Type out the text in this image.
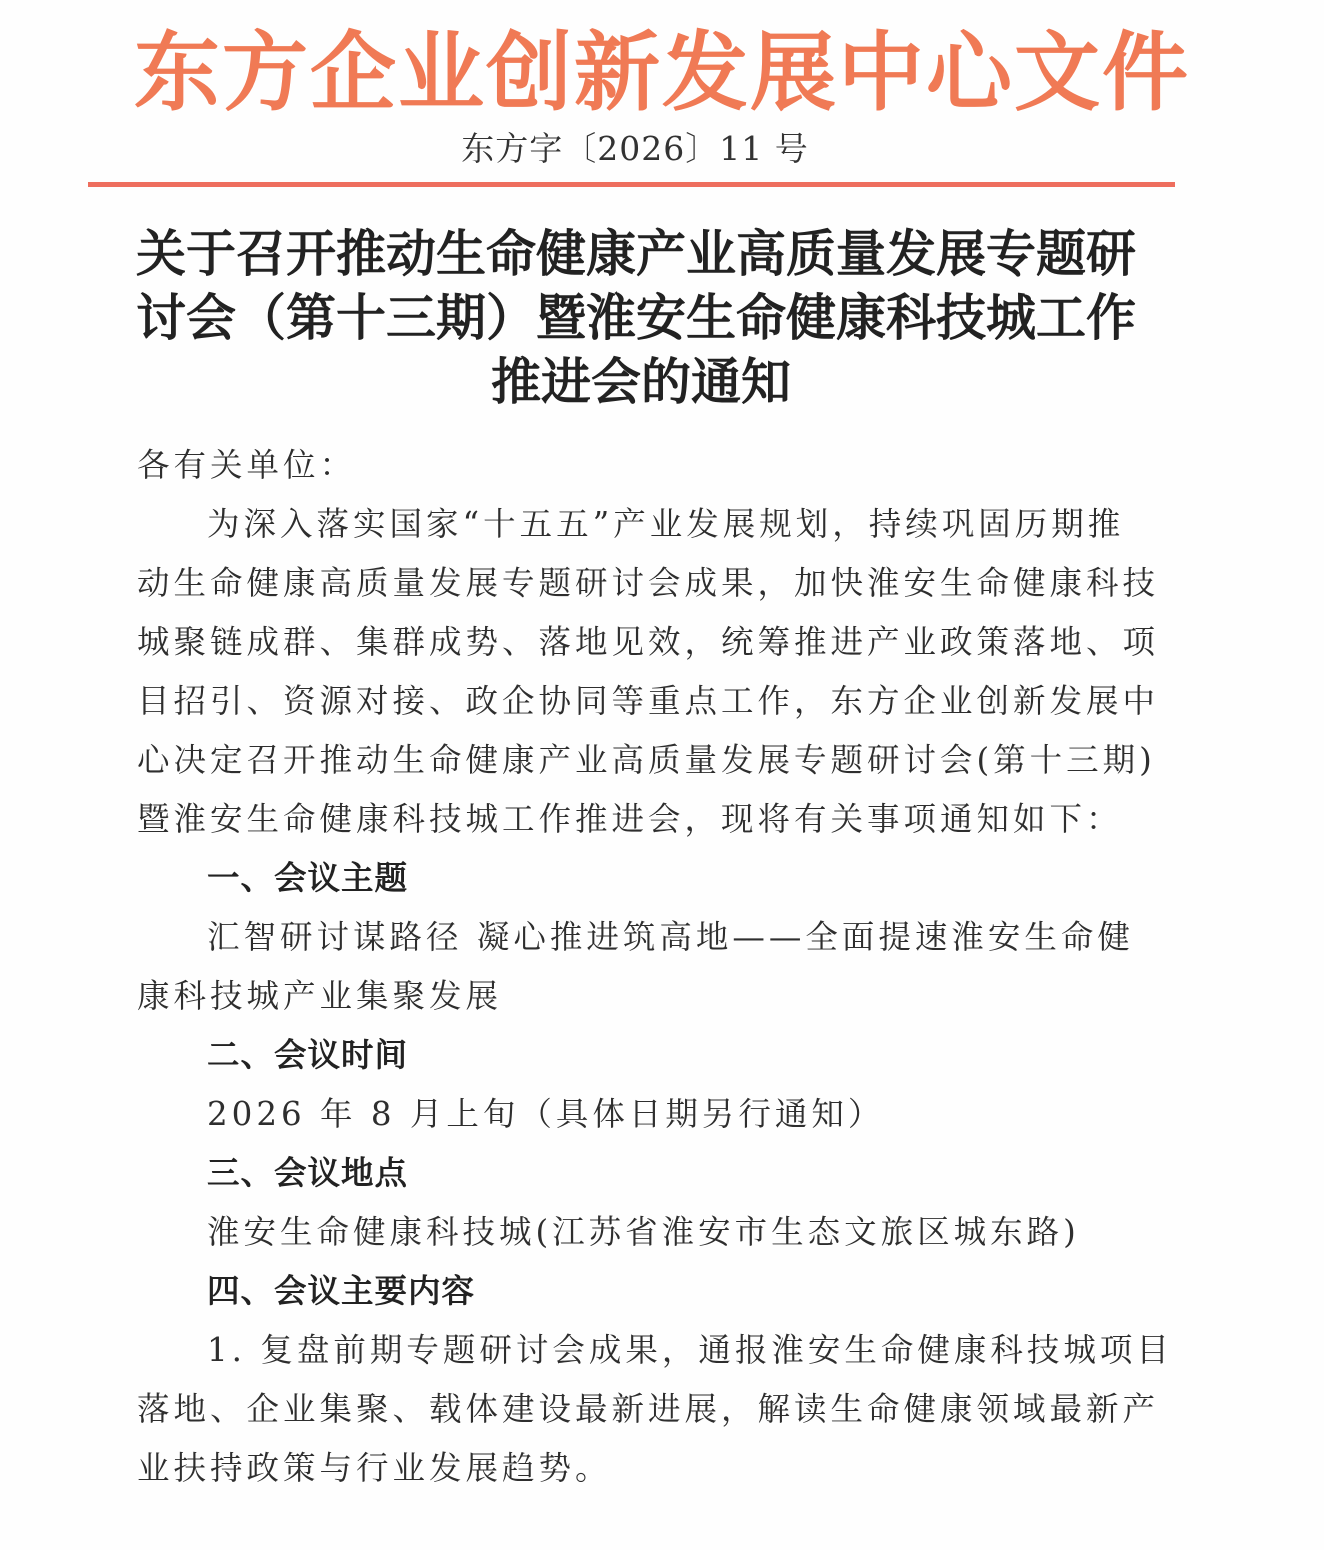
东方企业创新发展中心文件
东方字〔2026〕11 号
关于召开推动生命健康产业高质量发展专题研
讨会（第十三期）暨淮安生命健康科技城工作
推进会的通知
各有关单位：
为深入落实国家“十五五”产业发展规划，持续巩固历期推
动生命健康高质量发展专题研讨会成果，加快淮安生命健康科技
城聚链成群、集群成势、落地见效，统筹推进产业政策落地、项
目招引、资源对接、政企协同等重点工作，东方企业创新发展中
心决定召开推动生命健康产业高质量发展专题研讨会(第十三期)
暨淮安生命健康科技城工作推进会，现将有关事项通知如下：
一、会议主题
汇智研讨谋路径 凝心推进筑高地——全面提速淮安生命健
康科技城产业集聚发展
二、会议时间
2026 年 8 月上旬（具体日期另行通知）
三、会议地点
淮安生命健康科技城(江苏省淮安市生态文旅区城东路)
四、会议主要内容
1. 复盘前期专题研讨会成果，通报淮安生命健康科技城项目
落地、企业集聚、载体建设最新进展，解读生命健康领域最新产
业扶持政策与行业发展趋势。
